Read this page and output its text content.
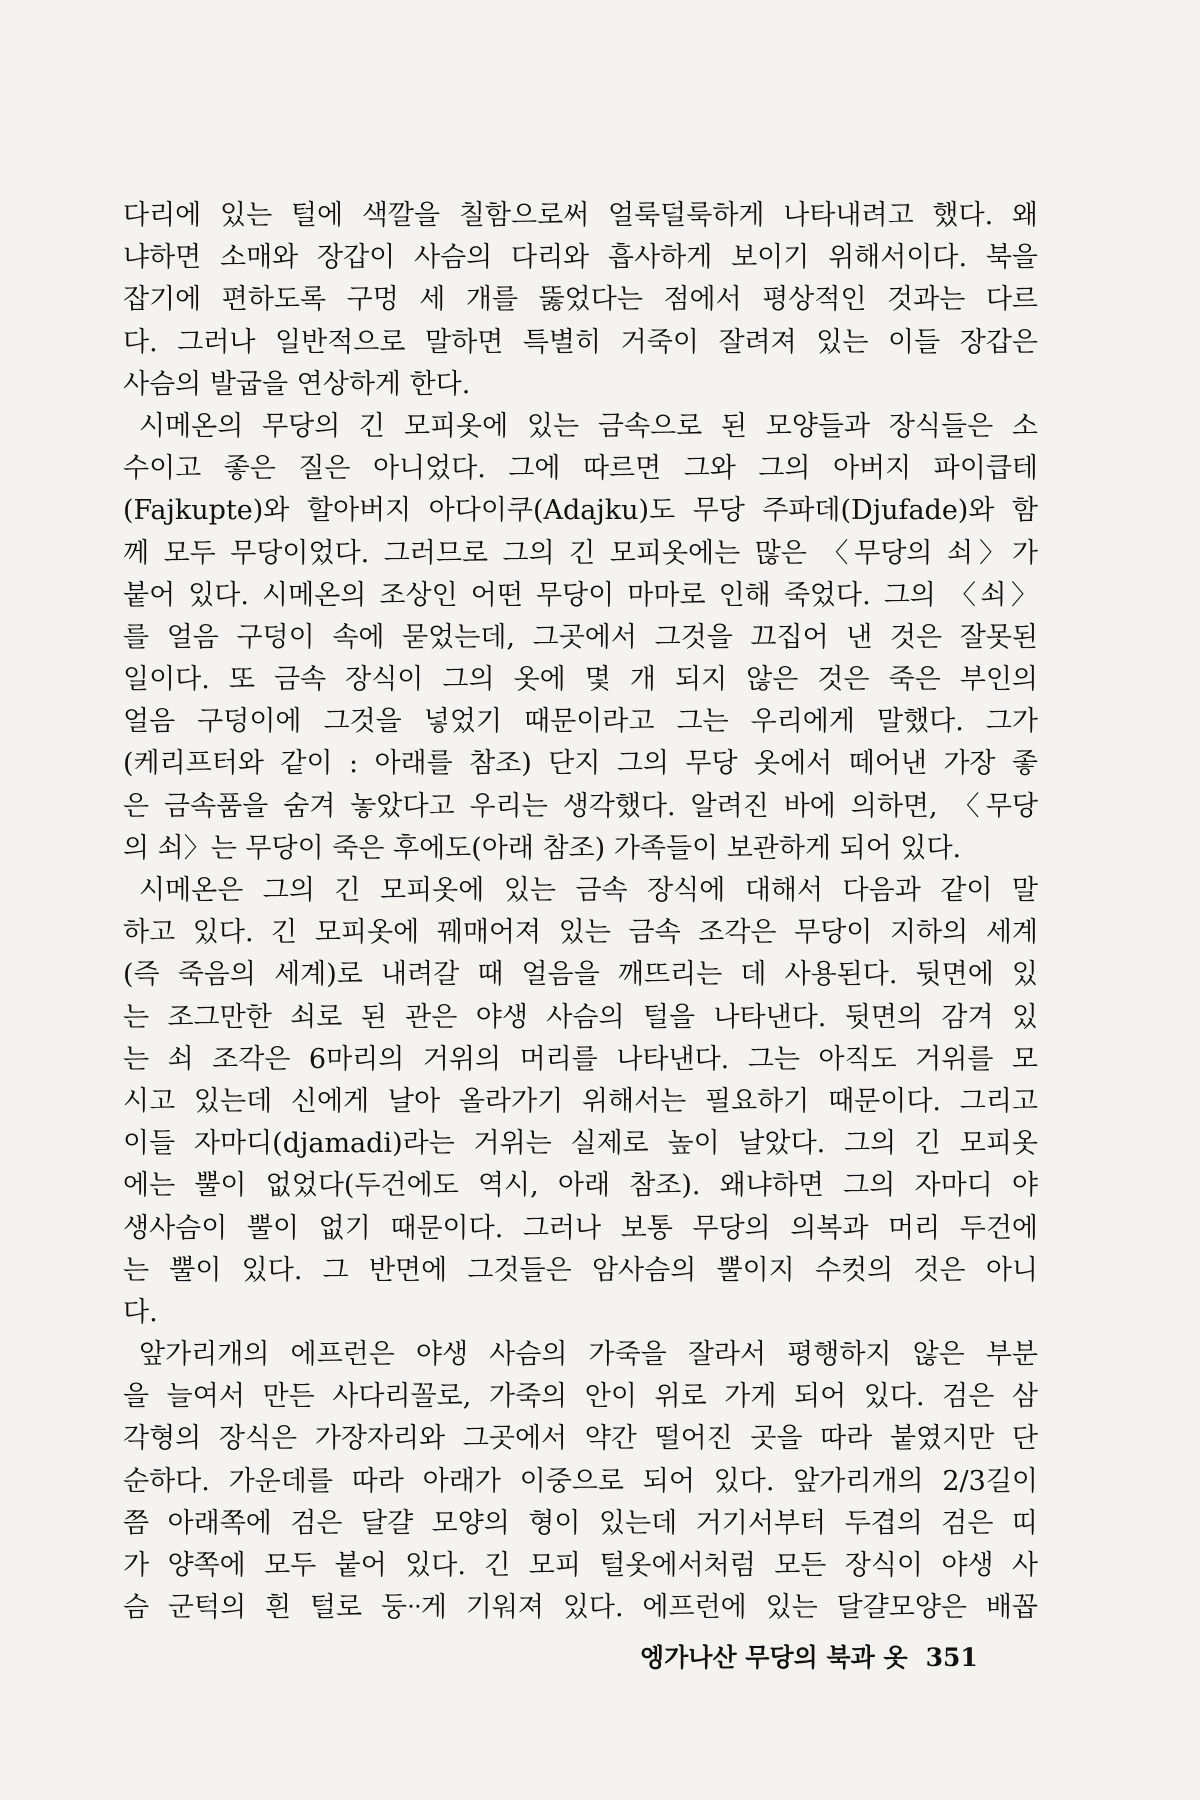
다리에 있는 털에 색깔을 칠함으로써 얼룩덜룩하게 나타내려고 했다. 왜
냐하면 소매와 장갑이 사슴의 다리와 흡사하게 보이기 위해서이다. 북을
잡기에 편하도록 구멍 세 개를 뚫었다는 점에서 평상적인 것과는 다르
다. 그러나 일반적으로 말하면 특별히 거죽이 잘려져 있는 이들 장갑은
사슴의 발굽을 연상하게 한다.
시메온의 무당의 긴 모피옷에 있는 금속으로 된 모양들과 장식들은 소
수이고 좋은 질은 아니었다. 그에 따르면 그와 그의 아버지 파이큽테
(Fajkupte)와 할아버지 아다이쿠(Adajku)도 무당 주파데(Djufade)와 함
께 모두 무당이었다. 그러므로 그의 긴 모피옷에는 많은 〈무당의 쇠〉가
붙어 있다. 시메온의 조상인 어떤 무당이 마마로 인해 죽었다. 그의 〈쇠〉
를 얼음 구덩이 속에 묻었는데, 그곳에서 그것을 끄집어 낸 것은 잘못된
일이다. 또 금속 장식이 그의 옷에 몇 개 되지 않은 것은 죽은 부인의
얼음 구덩이에 그것을 넣었기 때문이라고 그는 우리에게 말했다. 그가
(케리프터와 같이 : 아래를 참조) 단지 그의 무당 옷에서 떼어낸 가장 좋
은 금속품을 숨겨 놓았다고 우리는 생각했다. 알려진 바에 의하면, 〈무당
의 쇠〉는 무당이 죽은 후에도(아래 참조) 가족들이 보관하게 되어 있다.
시메온은 그의 긴 모피옷에 있는 금속 장식에 대해서 다음과 같이 말
하고 있다. 긴 모피옷에 꿰매어져 있는 금속 조각은 무당이 지하의 세계
(즉 죽음의 세계)로 내려갈 때 얼음을 깨뜨리는 데 사용된다. 뒷면에 있
는 조그만한 쇠로 된 관은 야생 사슴의 털을 나타낸다. 뒷면의 감겨 있
는 쇠 조각은 6마리의 거위의 머리를 나타낸다. 그는 아직도 거위를 모
시고 있는데 신에게 날아 올라가기 위해서는 필요하기 때문이다. 그리고
이들 자마디(djamadi)라는 거위는 실제로 높이 날았다. 그의 긴 모피옷
에는 뿔이 없었다(두건에도 역시, 아래 참조). 왜냐하면 그의 자마디 야
생사슴이 뿔이 없기 때문이다. 그러나 보통 무당의 의복과 머리 두건에
는 뿔이 있다. 그 반면에 그것들은 암사슴의 뿔이지 수컷의 것은 아니
다.
앞가리개의 에프런은 야생 사슴의 가죽을 잘라서 평행하지 않은 부분
을 늘여서 만든 사다리꼴로, 가죽의 안이 위로 가게 되어 있다. 검은 삼
각형의 장식은 가장자리와 그곳에서 약간 떨어진 곳을 따라 붙였지만 단
순하다. 가운데를 따라 아래가 이중으로 되어 있다. 앞가리개의 2/3길이
쯤 아래쪽에 검은 달걀 모양의 형이 있는데 거기서부터 두겹의 검은 띠
가 양쪽에 모두 붙어 있다. 긴 모피 털옷에서처럼 모든 장식이 야생 사
슴 군턱의 흰 털로 둥ᐧᐧ게 기워져 있다. 에프런에 있는 달걀모양은 배꼽
엥가나산 무당의 북과 옷 351
